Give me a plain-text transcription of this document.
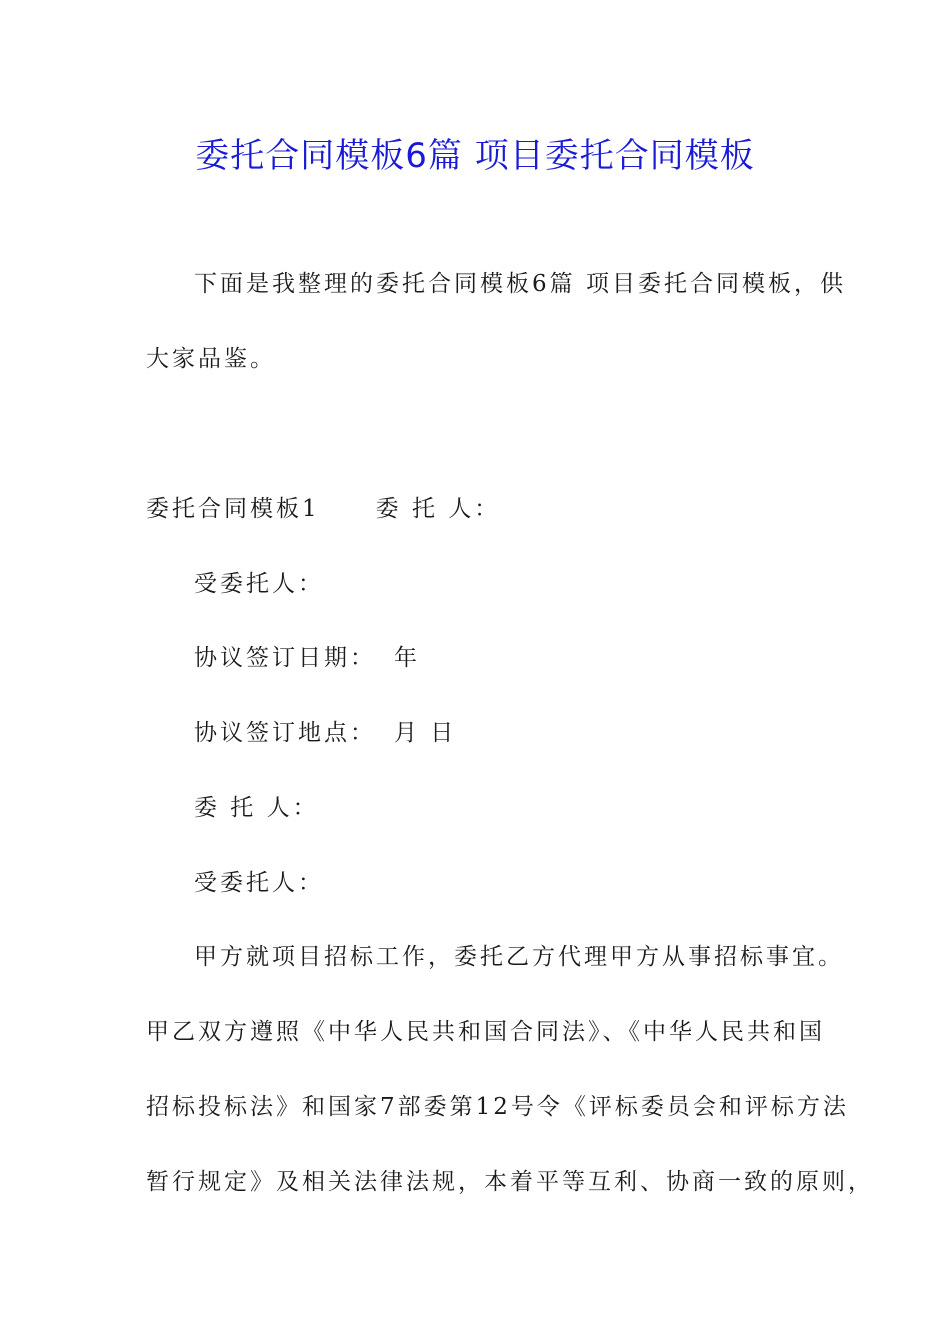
委托合同模板6篇 项目委托合同模板
下面是我整理的委托合同模板6篇 项目委托合同模板，供
大家品鉴。
委托合同模板1 委 托 人：
受委托人：
协议签订日期： 年
协议签订地点： 月 日
委 托 人：
受委托人：
甲方就项目招标工作，委托乙方代理甲方从事招标事宜。
甲乙双方遵照《中华人民共和国合同法》、《中华人民共和国
招标投标法》和国家7部委第12号令《评标委员会和评标方法
暂行规定》及相关法律法规，本着平等互利、协商一致的原则，
